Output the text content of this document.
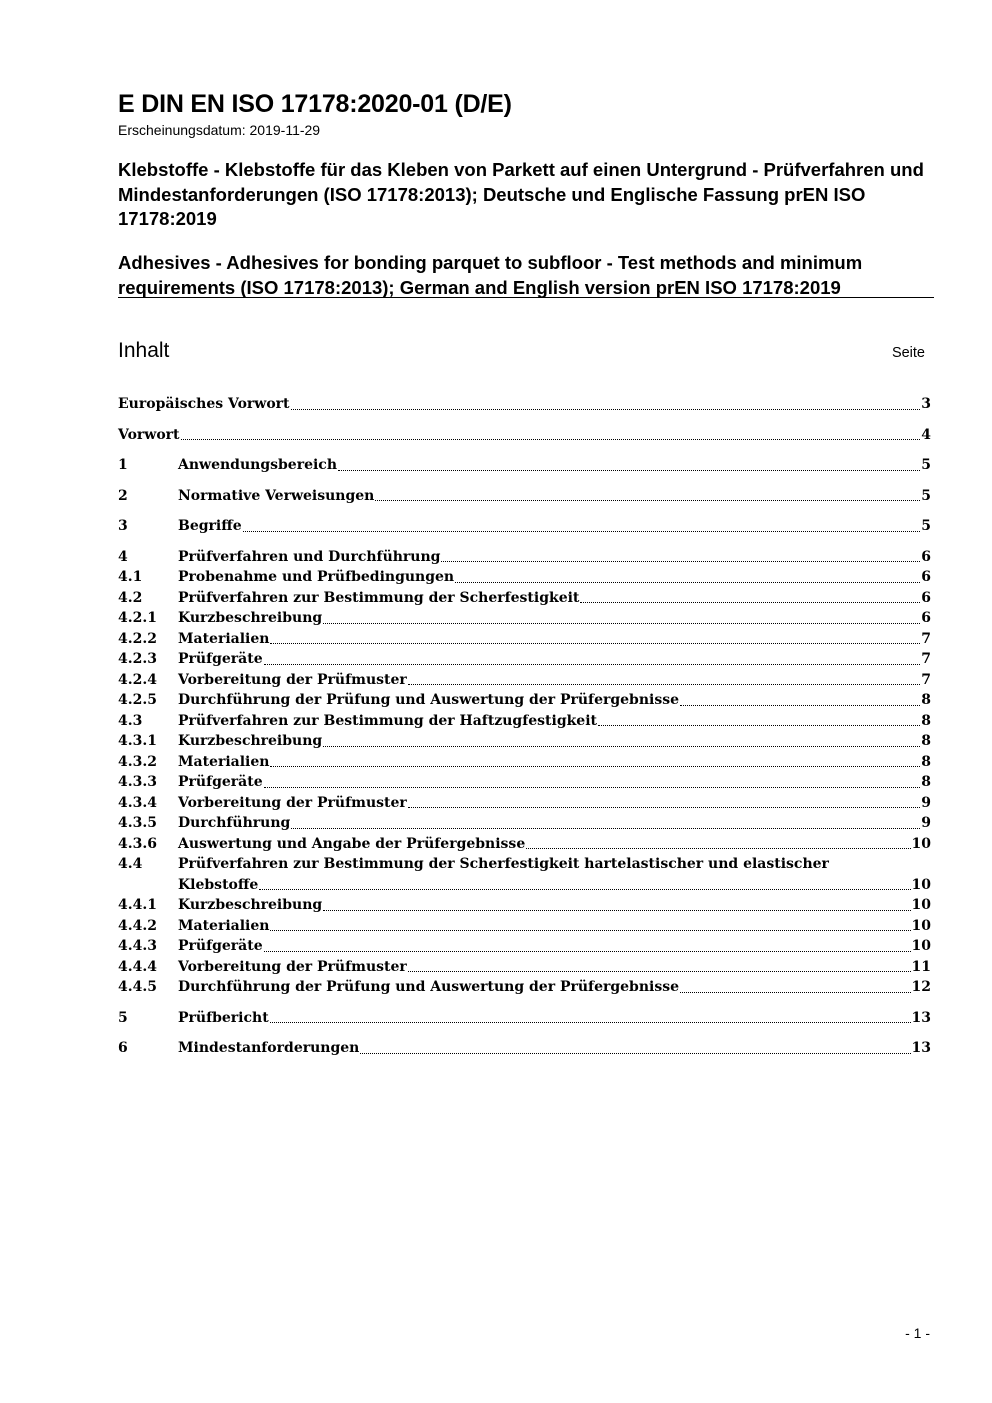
E DIN EN ISO 17178:2020-01 (D/E)
Erscheinungsdatum: 2019-11-29
Klebstoffe - Klebstoffe für das Kleben von Parkett auf einen Untergrund - Prüfverfahren und Mindestanforderungen (ISO 17178:2013); Deutsche und Englische Fassung prEN ISO 17178:2019
Adhesives - Adhesives for bonding parquet to subfloor - Test methods and minimum requirements (ISO 17178:2013); German and English version prEN ISO 17178:2019
Inhalt	Seite
Europäisches Vorwort	3
Vorwort	4
1	Anwendungsbereich	5
2	Normative Verweisungen	5
3	Begriffe	5
4	Prüfverfahren und Durchführung	6
4.1	Probenahme und Prüfbedingungen	6
4.2	Prüfverfahren zur Bestimmung der Scherfestigkeit	6
4.2.1	Kurzbeschreibung	6
4.2.2	Materialien	7
4.2.3	Prüfgeräte	7
4.2.4	Vorbereitung der Prüfmuster	7
4.2.5	Durchführung der Prüfung und Auswertung der Prüfergebnisse	8
4.3	Prüfverfahren zur Bestimmung der Haftzugfestigkeit	8
4.3.1	Kurzbeschreibung	8
4.3.2	Materialien	8
4.3.3	Prüfgeräte	8
4.3.4	Vorbereitung der Prüfmuster	9
4.3.5	Durchführung	9
4.3.6	Auswertung und Angabe der Prüfergebnisse	10
4.4	Prüfverfahren zur Bestimmung der Scherfestigkeit hartelastischer und elastischer
Klebstoffe	10
4.4.1	Kurzbeschreibung	10
4.4.2	Materialien	10
4.4.3	Prüfgeräte	10
4.4.4	Vorbereitung der Prüfmuster	11
4.4.5	Durchführung der Prüfung und Auswertung der Prüfergebnisse	12
5	Prüfbericht	13
6	Mindestanforderungen	13
- 1 -
